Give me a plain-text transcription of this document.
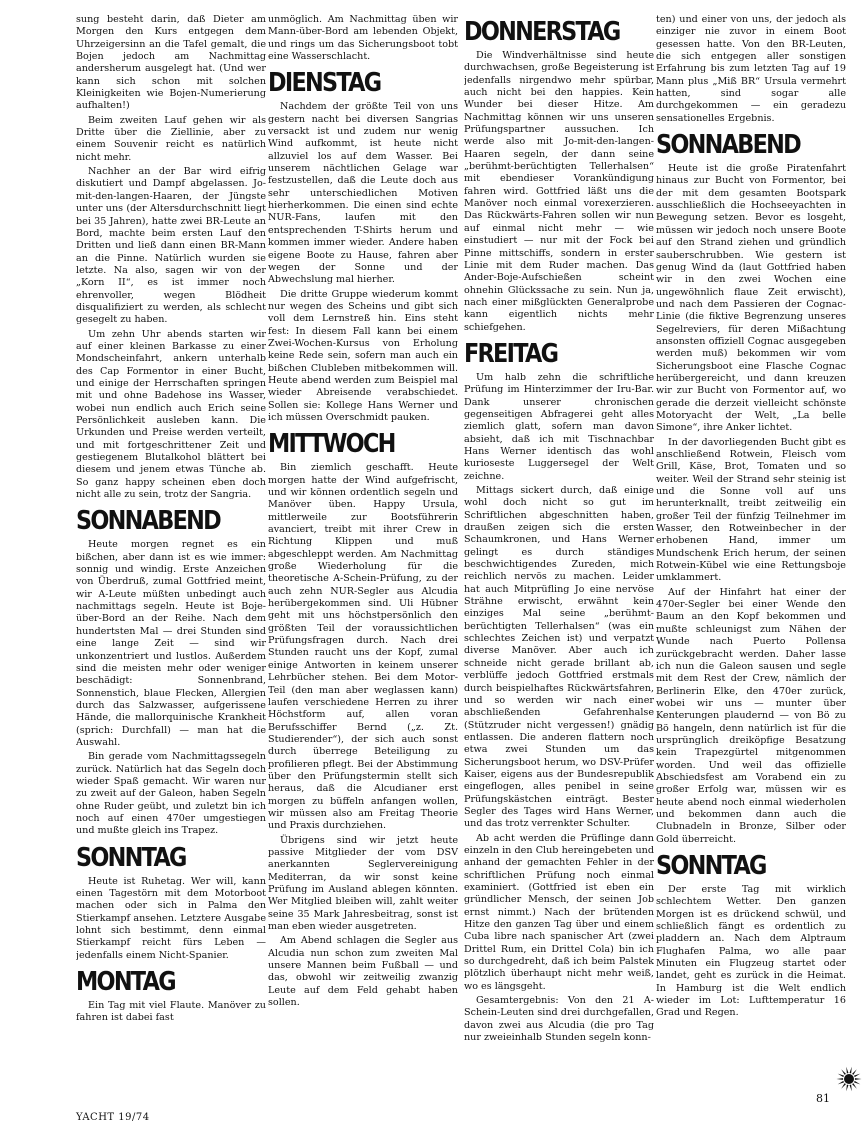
sung besteht darin, daß Dieter am Morgen den Kurs entgegen dem Uhrzeigersinn an die Tafel gemalt, die Bojen jedoch am Nachmittag andersherum ausgelegt hat. (Und wer kann sich schon mit solchen Kleinigkeiten wie Bojen-Numerierung aufhalten!)

Beim zweiten Lauf gehen wir als Dritte über die Ziellinie, aber zu einem Souvenir reicht es natürlich nicht mehr.

Nachher an der Bar wird eifrig diskutiert und Dampf abgelassen. Jo-mit-den-langen-Haaren, der Jüngste unter uns (der Altersdurchschnitt liegt bei 35 Jahren), hatte zwei BR-Leute an Bord, machte beim ersten Lauf den Dritten und ließ dann einen BR-Mann an die Pinne. Natürlich wurden sie letzte. Na also, sagen wir von der „Korn II“, es ist immer noch ehrenvoller, wegen Blödheit disqualifiziert zu werden, als schlecht gesegelt zu haben.

Um zehn Uhr abends starten wir auf einer kleinen Barkasse zu einer Mondscheinfahrt, ankern unterhalb des Cap Formentor in einer Bucht, und einige der Herrschaften springen mit und ohne Badehose ins Wasser, wobei nun endlich auch Erich seine Persönlichkeit ausleben kann. Die Urkunden und Preise werden verteilt, und mit fortgeschrittener Zeit und gestiegenem Blutalkohol blättert bei diesem und jenem etwas Tünche ab. So ganz happy scheinen eben doch nicht alle zu sein, trotz der Sangria.

SONNABEND

Heute morgen regnet es ein bißchen, aber dann ist es wie immer: sonnig und windig. Erste Anzeichen von Überdruß, zumal Gottfried meint, wir A-Leute müßten unbedingt auch nachmittags segeln. Heute ist Boje-über-Bord an der Reihe. Nach dem hundertsten Mal — drei Stunden sind eine lange Zeit — sind wir unkonzentriert und lustlos. Außerdem sind die meisten mehr oder weniger beschädigt: Sonnenbrand, Sonnenstich, blaue Flecken, Allergien durch das Salzwasser, aufgerissene Hände, die mallorquinische Krankheit (sprich: Durchfall) — man hat die Auswahl.

Bin gerade vom Nachmittagssegeln zurück. Natürlich hat das Segeln doch wieder Spaß gemacht. Wir waren nur zu zweit auf der Galeon, haben Segeln ohne Ruder geübt, und zuletzt bin ich noch auf einen 470er umgestiegen und mußte gleich ins Trapez.

SONNTAG

Heute ist Ruhetag. Wer will, kann einen Tagestörn mit dem Motorboot machen oder sich in Palma den Stierkampf ansehen. Letztere Ausgabe lohnt sich bestimmt, denn einmal Stierkampf reicht fürs Leben — jedenfalls einem Nicht-Spanier.

MONTAG

Ein Tag mit viel Flaute. Manöver zu fahren ist dabei fast

unmöglich. Am Nachmittag üben wir Mann-über-Bord am lebenden Objekt, und rings um das Sicherungsboot tobt eine Wasserschlacht.

DIENSTAG

Nachdem der größte Teil von uns gestern nacht bei diversen Sangrias versackt ist und zudem nur wenig Wind aufkommt, ist heute nicht allzuviel los auf dem Wasser. Bei unserem nächtlichen Gelage war festzustellen, daß die Leute doch aus sehr unterschiedlichen Motiven hierherkommen. Die einen sind echte NUR-Fans, laufen mit den entsprechenden T-Shirts herum und kommen immer wieder. Andere haben eigene Boote zu Hause, fahren aber wegen der Sonne und der Abwechslung mal hierher.

Die dritte Gruppe wiederum kommt nur wegen des Scheins und gibt sich voll dem Lernstreß hin. Eins steht fest: In diesem Fall kann bei einem Zwei-Wochen-Kursus von Erholung keine Rede sein, sofern man auch ein bißchen Clubleben mitbekommen will. Heute abend werden zum Beispiel mal wieder Abreisende verabschiedet. Sollen sie: Kollege Hans Werner und ich müssen Overschmidt pauken.

MITTWOCH

Bin ziemlich geschafft. Heute morgen hatte der Wind aufgefrischt, und wir können ordentlich segeln und Manöver üben. Happy Ursula, mittlerweile zur Bootsführerin avanciert, treibt mit ihrer Crew in Richtung Klippen und muß abgeschleppt werden. Am Nachmittag große Wiederholung für die theoretische A-Schein-Prüfung, zu der auch zehn NUR-Segler aus Alcudia herübergekommen sind. Uli Hübner geht mit uns höchstpersönlich den größten Teil der voraussichtlichen Prüfungsfragen durch. Nach drei Stunden raucht uns der Kopf, zumal einige Antworten in keinem unserer Lehrbücher stehen. Bei dem Motor-Teil (den man aber weglassen kann) laufen verschiedene Herren zu ihrer Höchstform auf, allen voran Berufsschiffer Bernd („z. Zt. Studierender“), der sich auch sonst durch überrege Beteiligung zu profilieren pflegt. Bei der Abstimmung über den Prüfungstermin stellt sich heraus, daß die Alcudianer erst morgen zu büffeln anfangen wollen, wir müssen also am Freitag Theorie und Praxis durchziehen.

Übrigens sind wir jetzt heute passive Mitglieder der vom DSV anerkannten Seglervereinigung Mediterran, da wir sonst keine Prüfung im Ausland ablegen könnten. Wer Mitglied bleiben will, zahlt weiter seine 35 Mark Jahresbeitrag, sonst ist man eben wieder ausgetreten.

Am Abend schlagen die Segler aus Alcudia nun schon zum zweiten Mal unsere Mannen beim Fußball — und das, obwohl wir zeitweilig zwanzig Leute auf dem Feld gehabt haben sollen.

DONNERSTAG

Die Windverhältnisse sind heute durchwachsen, große Begeisterung ist jedenfalls nirgendwo mehr spürbar, auch nicht bei den happies. Kein Wunder bei dieser Hitze. Am Nachmittag können wir uns unseren Prüfungspartner aussuchen. Ich werde also mit Jo-mit-den-langen-Haaren segeln, der dann seine „berühmt-berüchtigten Tellerhalsen“ mit ebendieser Vorankündigung fahren wird. Gottfried läßt uns die Manöver noch einmal vorexerzieren. Das Rückwärts-Fahren sollen wir nun auf einmal nicht mehr — wie einstudiert — nur mit der Fock bei Pinne mittschiffs, sondern in erster Linie mit dem Ruder machen. Das Ander-Boje-Aufschießen scheint ohnehin Glückssache zu sein. Nun ja, nach einer mißglückten Generalprobe kann eigentlich nichts mehr schiefgehen.

FREITAG

Um halb zehn die schriftliche Prüfung im Hinterzimmer der Iru-Bar. Dank unserer chronischen gegenseitigen Abfragerei geht alles ziemlich glatt, sofern man davon absieht, daß ich mit Tischnachbar Hans Werner identisch das wohl kurioseste Luggersegel der Welt zeichne.

Mittags sickert durch, daß einige wohl doch nicht so gut im Schriftlichen abgeschnitten haben, draußen zeigen sich die ersten Schaumkronen, und Hans Werner gelingt es durch ständiges beschwichtigendes Zureden, mich reichlich nervös zu machen. Leider hat auch Mitprüfling Jo eine nervöse Strähne erwischt, erwähnt kein einziges Mal seine „berühmt-berüchtigten Tellerhalsen“ (was ein schlechtes Zeichen ist) und verpatzt diverse Manöver. Aber auch ich schneide nicht gerade brillant ab, verblüffe jedoch Gottfried erstmals durch beispielhaftes Rückwärtsfahren, und so werden wir nach einer abschließenden Gefahrenhalse (Stützruder nicht vergessen!) gnädig entlassen. Die anderen flattern noch etwa zwei Stunden um das Sicherungsboot herum, wo DSV-Prüfer Kaiser, eigens aus der Bundesrepublik eingeflogen, alles penibel in seine Prüfungskästchen einträgt. Bester Segler des Tages wird Hans Werner, und das trotz verrenkter Schulter.

Ab acht werden die Prüflinge dann einzeln in den Club hereingebeten und anhand der gemachten Fehler in der schriftlichen Prüfung noch einmal examiniert. (Gottfried ist eben ein gründlicher Mensch, der seinen Job ernst nimmt.) Nach der brütenden Hitze den ganzen Tag über und einem Cuba libre nach spanischer Art (zwei Drittel Rum, ein Drittel Cola) bin ich so durchgedreht, daß ich beim Palstek plötzlich überhaupt nicht mehr weiß, wo es längsgeht.

Gesamtergebnis: Von den 21 A-Schein-Leuten sind drei durchgefallen, davon zwei aus Alcudia (die pro Tag nur zweieinhalb Stunden segeln konn-

ten) und einer von uns, der jedoch als einziger nie zuvor in einem Boot gesessen hatte. Von den BR-Leuten, die sich entgegen aller sonstigen Erfahrung bis zum letzten Tag auf 19 Mann plus „Miß BR“ Ursula vermehrt hatten, sind sogar alle durchgekommen — ein geradezu sensationelles Ergebnis.

SONNABEND

Heute ist die große Piratenfahrt hinaus zur Bucht von Formentor, bei der mit dem gesamten Bootspark ausschließlich die Hochseeyachten in Bewegung setzen. Bevor es losgeht, müssen wir jedoch noch unsere Boote auf den Strand ziehen und gründlich sauberschrubben. Wie gestern ist genug Wind da (laut Gottfried haben wir in den zwei Wochen eine ungewöhnlich flaue Zeit erwischt), und nach dem Passieren der Cognac-Linie (die fiktive Begrenzung unseres Segelreviers, für deren Mißachtung ansonsten offiziell Cognac ausgegeben werden muß) bekommen wir vom Sicherungsboot eine Flasche Cognac herübergereicht, und dann kreuzen wir zur Bucht von Formentor auf, wo gerade die derzeit vielleicht schönste Motoryacht der Welt, „La belle Simone“, ihre Anker lichtet.

In der davorliegenden Bucht gibt es anschließend Rotwein, Fleisch vom Grill, Käse, Brot, Tomaten und so weiter. Weil der Strand sehr steinig ist und die Sonne voll auf uns herunterknallt, treibt zeitweilig ein großer Teil der fünfzig Teilnehmer im Wasser, den Rotweinbecher in der erhobenen Hand, immer um Mundschenk Erich herum, der seinen Rotwein-Kübel wie eine Rettungsboje umklammert.

Auf der Hinfahrt hat einer der 470er-Segler bei einer Wende den Baum an den Kopf bekommen und mußte schleunigst zum Nähen der Wunde nach Puerto Pollensa zurückgebracht werden. Daher lasse ich nun die Galeon sausen und segle mit dem Rest der Crew, nämlich der Berlinerin Elke, den 470er zurück, wobei wir uns — munter über Kenterungen plaudernd — von Bö zu Bö hangeln, denn natürlich ist für die ursprünglich dreiköpfige Besatzung kein Trapezgürtel mitgenommen worden. Und weil das offizielle Abschiedsfest am Vorabend ein zu großer Erfolg war, müssen wir es heute abend noch einmal wiederholen und bekommen dann auch die Clubnadeln in Bronze, Silber oder Gold überreicht.

SONNTAG

Der erste Tag mit wirklich schlechtem Wetter. Den ganzen Morgen ist es drückend schwül, und schließlich fängt es ordentlich zu pladdern an. Nach dem Alptraum Flughafen Palma, wo alle paar Minuten ein Flugzeug startet oder landet, geht es zurück in die Heimat. In Hamburg ist die Welt endlich wieder im Lot: Lufttemperatur 16 Grad und Regen.

YACHT 19/74
81
